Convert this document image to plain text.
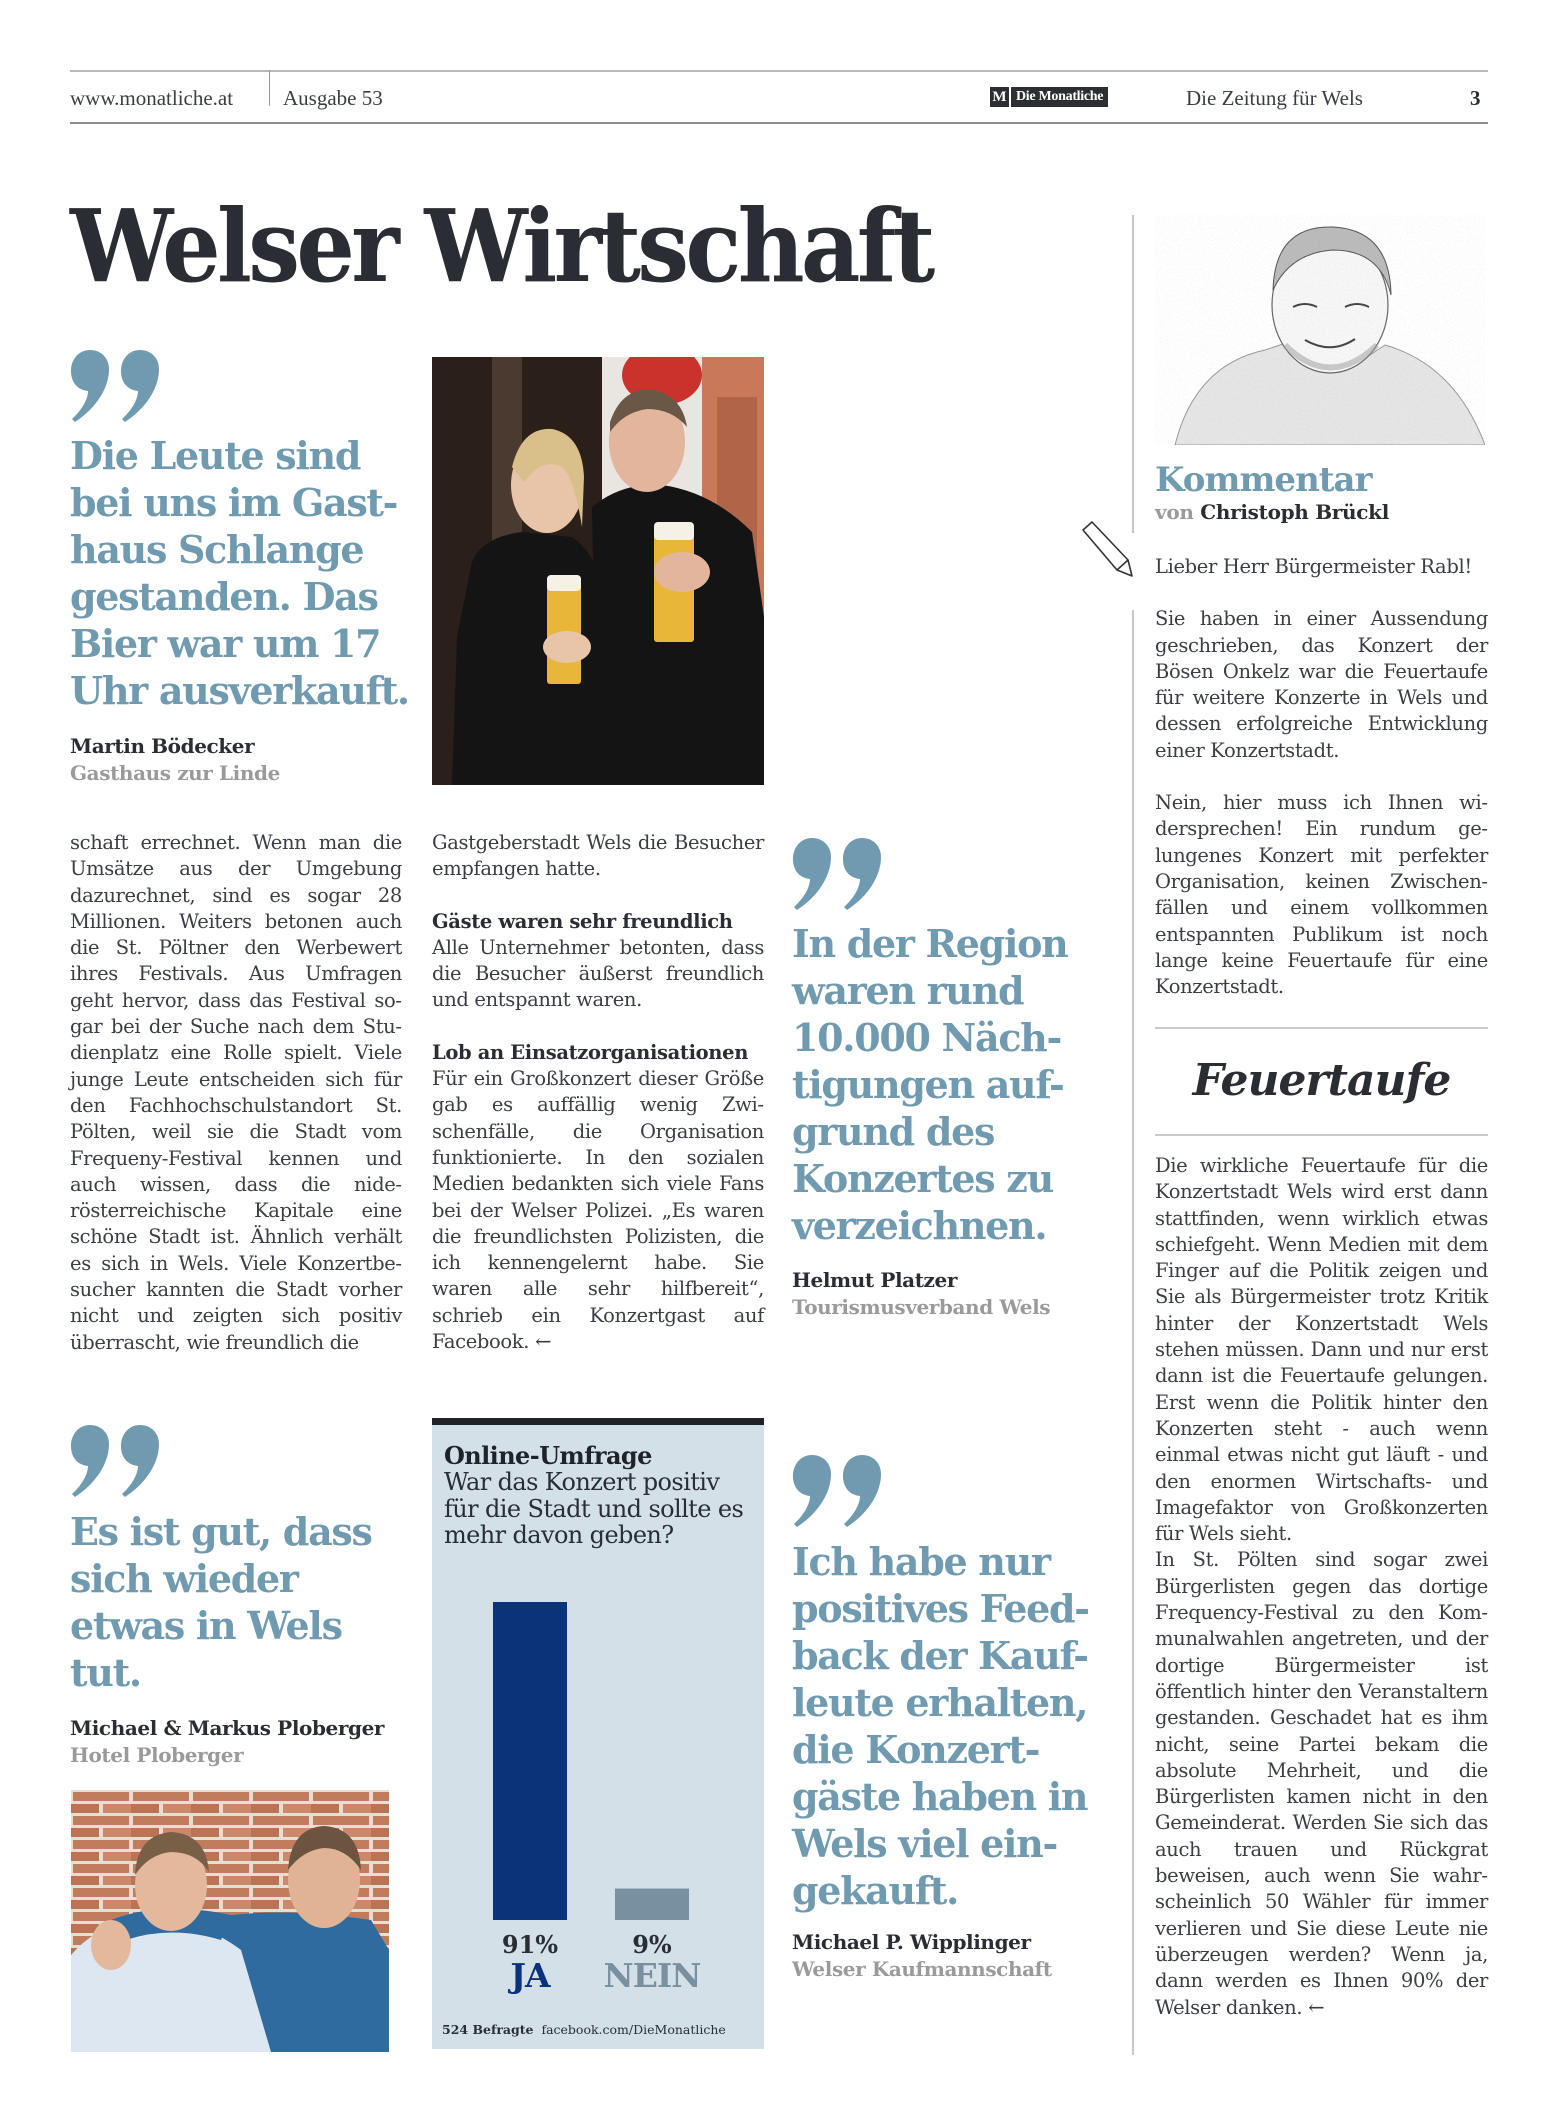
www.monatliche.at Ausgabe 53	M Die Monatliche	Die Zeitung für Wels	3
Welser Wirtschaft
Die Leute sind bei uns im Gast-haus Schlange gestanden. Das Bier war um 17 Uhr ausverkauft.
Martin Bödecker
Gasthaus zur Linde

schaft errechnet. Wenn man die Umsätze aus der Umgebung dazurechnet, sind es sogar 28 Millionen. Weiters betonen auch die St. Pöltner den Werbewert ihres Festivals. Aus Umfragen geht hervor, dass das Festival sogar bei der Suche nach dem Studienplatz eine Rolle spielt. Viele junge Leute entscheiden sich für den Fachhochschulstandort St. Pölten, weil sie die Stadt vom Frequeny-Festival kennen und auch wissen, dass die niderösterreichische Kapitale eine schöne Stadt ist. Ähnlich verhält es sich in Wels. Viele Konzertbesucher kannten die Stadt vorher nicht und zeigten sich positiv überrascht, wie freundlich die

Gastgeberstadt Wels die Besucher empfangen hatte.

Gäste waren sehr freundlich

Alle Unternehmer betonten, dass die Besucher äußerst freundlich und entspannt waren.

Lob an Einsatzorganisationen

Für ein Großkonzert dieser Größe gab es auffällig wenig Zwischenfälle, die Organisation funktionierte. In den sozialen Medien bedankten sich viele Fans bei der Welser Polizei. „Es waren die freundlichsten Polizisten, die ich kennengelernt habe. Sie waren alle sehr hilfbereit“, schrieb ein Konzertgast auf Facebook. ←

In der Region
waren rund
10.000 Näch-
tigungen auf-
grund des
Konzertes zu
verzeichnen.
Helmut Platzer
Tourismusverband Wels
Es ist gut, dass
sich wieder
etwas in Wels
tut.
Michael & Markus Ploberger
Hotel Ploberger
Online-Umfrage
War das Konzert positiv für die Stadt und sollte es mehr davon geben?
91%	9%
JA	NEIN
524 Befragte facebook.com/DieMonatliche
Ich habe nur
positives Feed-
back der Kauf-
leute erhalten,
die Konzert-
gäste haben in
Wels viel ein-
gekauft.
Michael P. Wipplinger
Welser Kaufmannschaft
Kommentar
von Christoph Brückl

Lieber Herr Bürgermeister Rabl!

Sie haben in einer Aussendung geschrieben, das Konzert der Bösen Onkelz war die Feuertaufe für weitere Konzerte in Wels und dessen erfolgreiche Entwicklung einer Konzertstadt.

Nein, hier muss ich Ihnen widersprechen! Ein rundum gelungenes Konzert mit perfekter Organisation, keinen Zwischenfällen und einem vollkommen entspannten Publikum ist noch lange keine Feuertaufe für eine Konzertstadt.

Feuertaufe

Die wirkliche Feuertaufe für die Konzertstadt Wels wird erst dann stattfinden, wenn wirklich etwas schiefgeht. Wenn Medien mit dem Finger auf die Politik zeigen und Sie als Bürgermeister trotz Kritik hinter der Konzertstadt Wels stehen müssen. Dann und nur erst dann ist die Feuertaufe gelungen. Erst wenn die Politik hinter den Konzerten steht - auch wenn einmal etwas nicht gut läuft - und den enormen Wirtschafts- und Imagefaktor von Großkonzerten für Wels sieht.

In St. Pölten sind sogar zwei Bürgerlisten gegen das dortige Frequency-Festival zu den Kommunalwahlen angetreten, und der dortige Bürgermeister ist öffentlich hinter den Veranstaltern gestanden. Geschadet hat es ihm nicht, seine Partei bekam die absolute Mehrheit, und die Bürgerlisten kamen nicht in den Gemeinderat. Werden Sie sich das auch trauen und Rückgrat beweisen, auch wenn Sie wahrscheinlich 50 Wähler für immer verlieren und Sie diese Leute nie überzeugen werden? Wenn ja, dann werden es Ihnen 90% der Welser danken. ←
